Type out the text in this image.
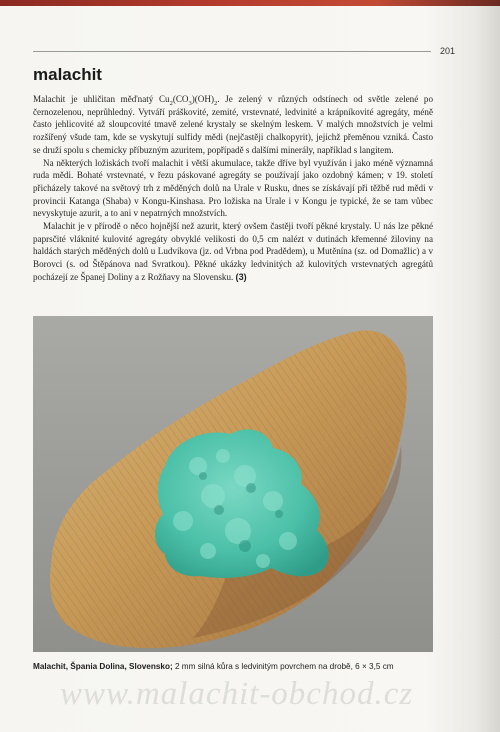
201
malachit

Malachit je uhličitan měďnatý $Cu_2(CO_3)(OH)_2$. Je zelený v různých odstínech od světle zelené po černozelenou, neprůhledný. Vytváří práškovité, zemité, vrstevnaté, ledvinité a krápníkovité agregáty, méně často jehlicovité až sloupcovité tmavě zelené krystaly se skelným leskem. V malých množstvích je velmi rozšířený všude tam, kde se vyskytují sulfidy mědi (nejčastěji chalkopyrit), jejichž přeměnou vzniká. Často se druží spolu s chemicky příbuzným azuritem, popřípadě s dalšími minerály, například s langitem.

Na některých ložiskách tvoří malachit i větší akumulace, takže dříve byl využíván i jako méně významná ruda mědi. Bohaté vrstevnaté, v řezu páskované agregáty se používají jako ozdobný kámen; v 19. století přicházely takové na světový trh z měděných dolů na Urale v Rusku, dnes se získávají při těžbě rud mědi v provincii Katanga (Shaba) v Kongu-Kinshasa. Pro ložiska na Urale i v Kongu je typické, že se tam vůbec nevyskytuje azurit, a to ani v nepatrných množstvích.

Malachit je v přírodě o něco hojnější než azurit, který ovšem častěji tvoří pěkné krystaly. U nás lze pěkné paprsčité vláknité kulovité agregáty obvyklé velikosti do 0,5 cm nalézt v dutinách křemenné žiloviny na haldách starých měděných dolů u Ludvíkova (jz. od Vrbna pod Pradědem), u Mutěnína (sz. od Domažlic) a v Borovci (s. od Štěpánova nad Svratkou). Pěkné ukázky ledvinitých až kulovitých vrstevnatých agregátů pocházejí ze Španej Doliny a z Rožňavy na Slovensku. (3)

Malachit, Špania Dolina, Slovensko; 2 mm silná kůra s ledvinitým povrchem na drobě, 6 × 3,5 cm
www.malachit-obchod.cz
